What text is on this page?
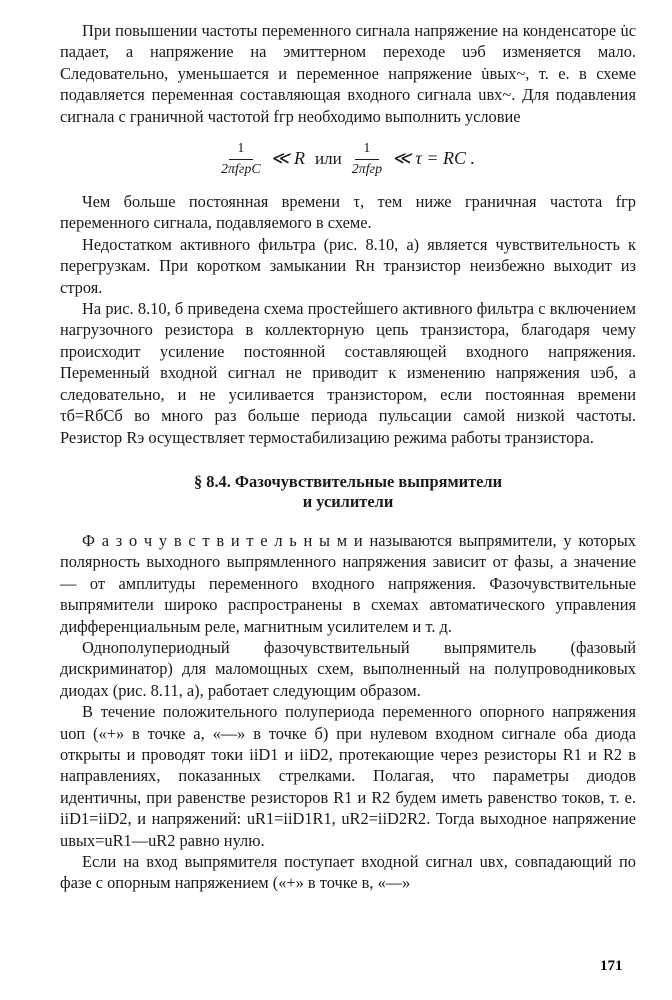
При повышении частоты переменного сигнала напряжение на конденсаторе u̇c падает, а напряжение на эмиттерном переходе uэб изменяется мало. Следовательно, уменьшается и переменное напряжение u̇вых~, т. е. в схеме подавляется переменная составляющая входного сигнала uвх~. Для подавления сигнала с граничной частотой fгр необходимо выполнить условие

$\frac{1}{\text{2πfгрC}}$ ≪ R или $\frac{1}{\text{2πfгр}}$ ≪ τ = RC .

Чем больше постоянная времени τ, тем ниже граничная частота fгр переменного сигнала, подавляемого в схеме.

Недостатком активного фильтра (рис. 8.10, а) является чувствительность к перегрузкам. При коротком замыкании Rн транзистор неизбежно выходит из строя.

На рис. 8.10, б приведена схема простейшего активного фильтра с включением нагрузочного резистора в коллекторную цепь транзистора, благодаря чему происходит усиление постоянной составляющей входного напряжения. Переменный входной сигнал не приводит к изменению напряжения uэб, а следовательно, и не усиливается транзистором, если постоянная времени τб=RбCб во много раз больше периода пульсации самой низкой частоты. Резистор Rэ осуществляет термостабилизацию режима работы транзистора.

§ 8.4. Фазочувствительные выпрямители
и усилители

Ф а з о ч у в с т в и т е л ь н ы м и называются выпрямители, у которых полярность выходного выпрямленного напряжения зависит от фазы, а значение — от амплитуды переменного входного напряжения. Фазочувствительные выпрямители широко распространены в схемах автоматического управления дифференциальным реле, магнитным усилителем и т. д.

Однополупериодный фазочувствительный выпрямитель (фазовый дискриминатор) для маломощных схем, выполненный на полупроводниковых диодах (рис. 8.11, а), работает следующим образом.

В течение положительного полупериода переменного опорного напряжения uоп («+» в точке а, «—» в точке б) при нулевом входном сигнале оба диода открыты и проводят токи iiD1 и iiD2, протекающие через резисторы R1 и R2 в направлениях, показанных стрелками. Полагая, что параметры диодов идентичны, при равенстве резисторов R1 и R2 будем иметь равенство токов, т. е. iiD1=iiD2, и напряжений: uR1=iiD1R1, uR2=iiD2R2. Тогда выходное напряжение uвых=uR1—uR2 равно нулю.

Если на вход выпрямителя поступает входной сигнал uвх, совпадающий по фазе с опорным напряжением («+» в точке в, «—»

171
